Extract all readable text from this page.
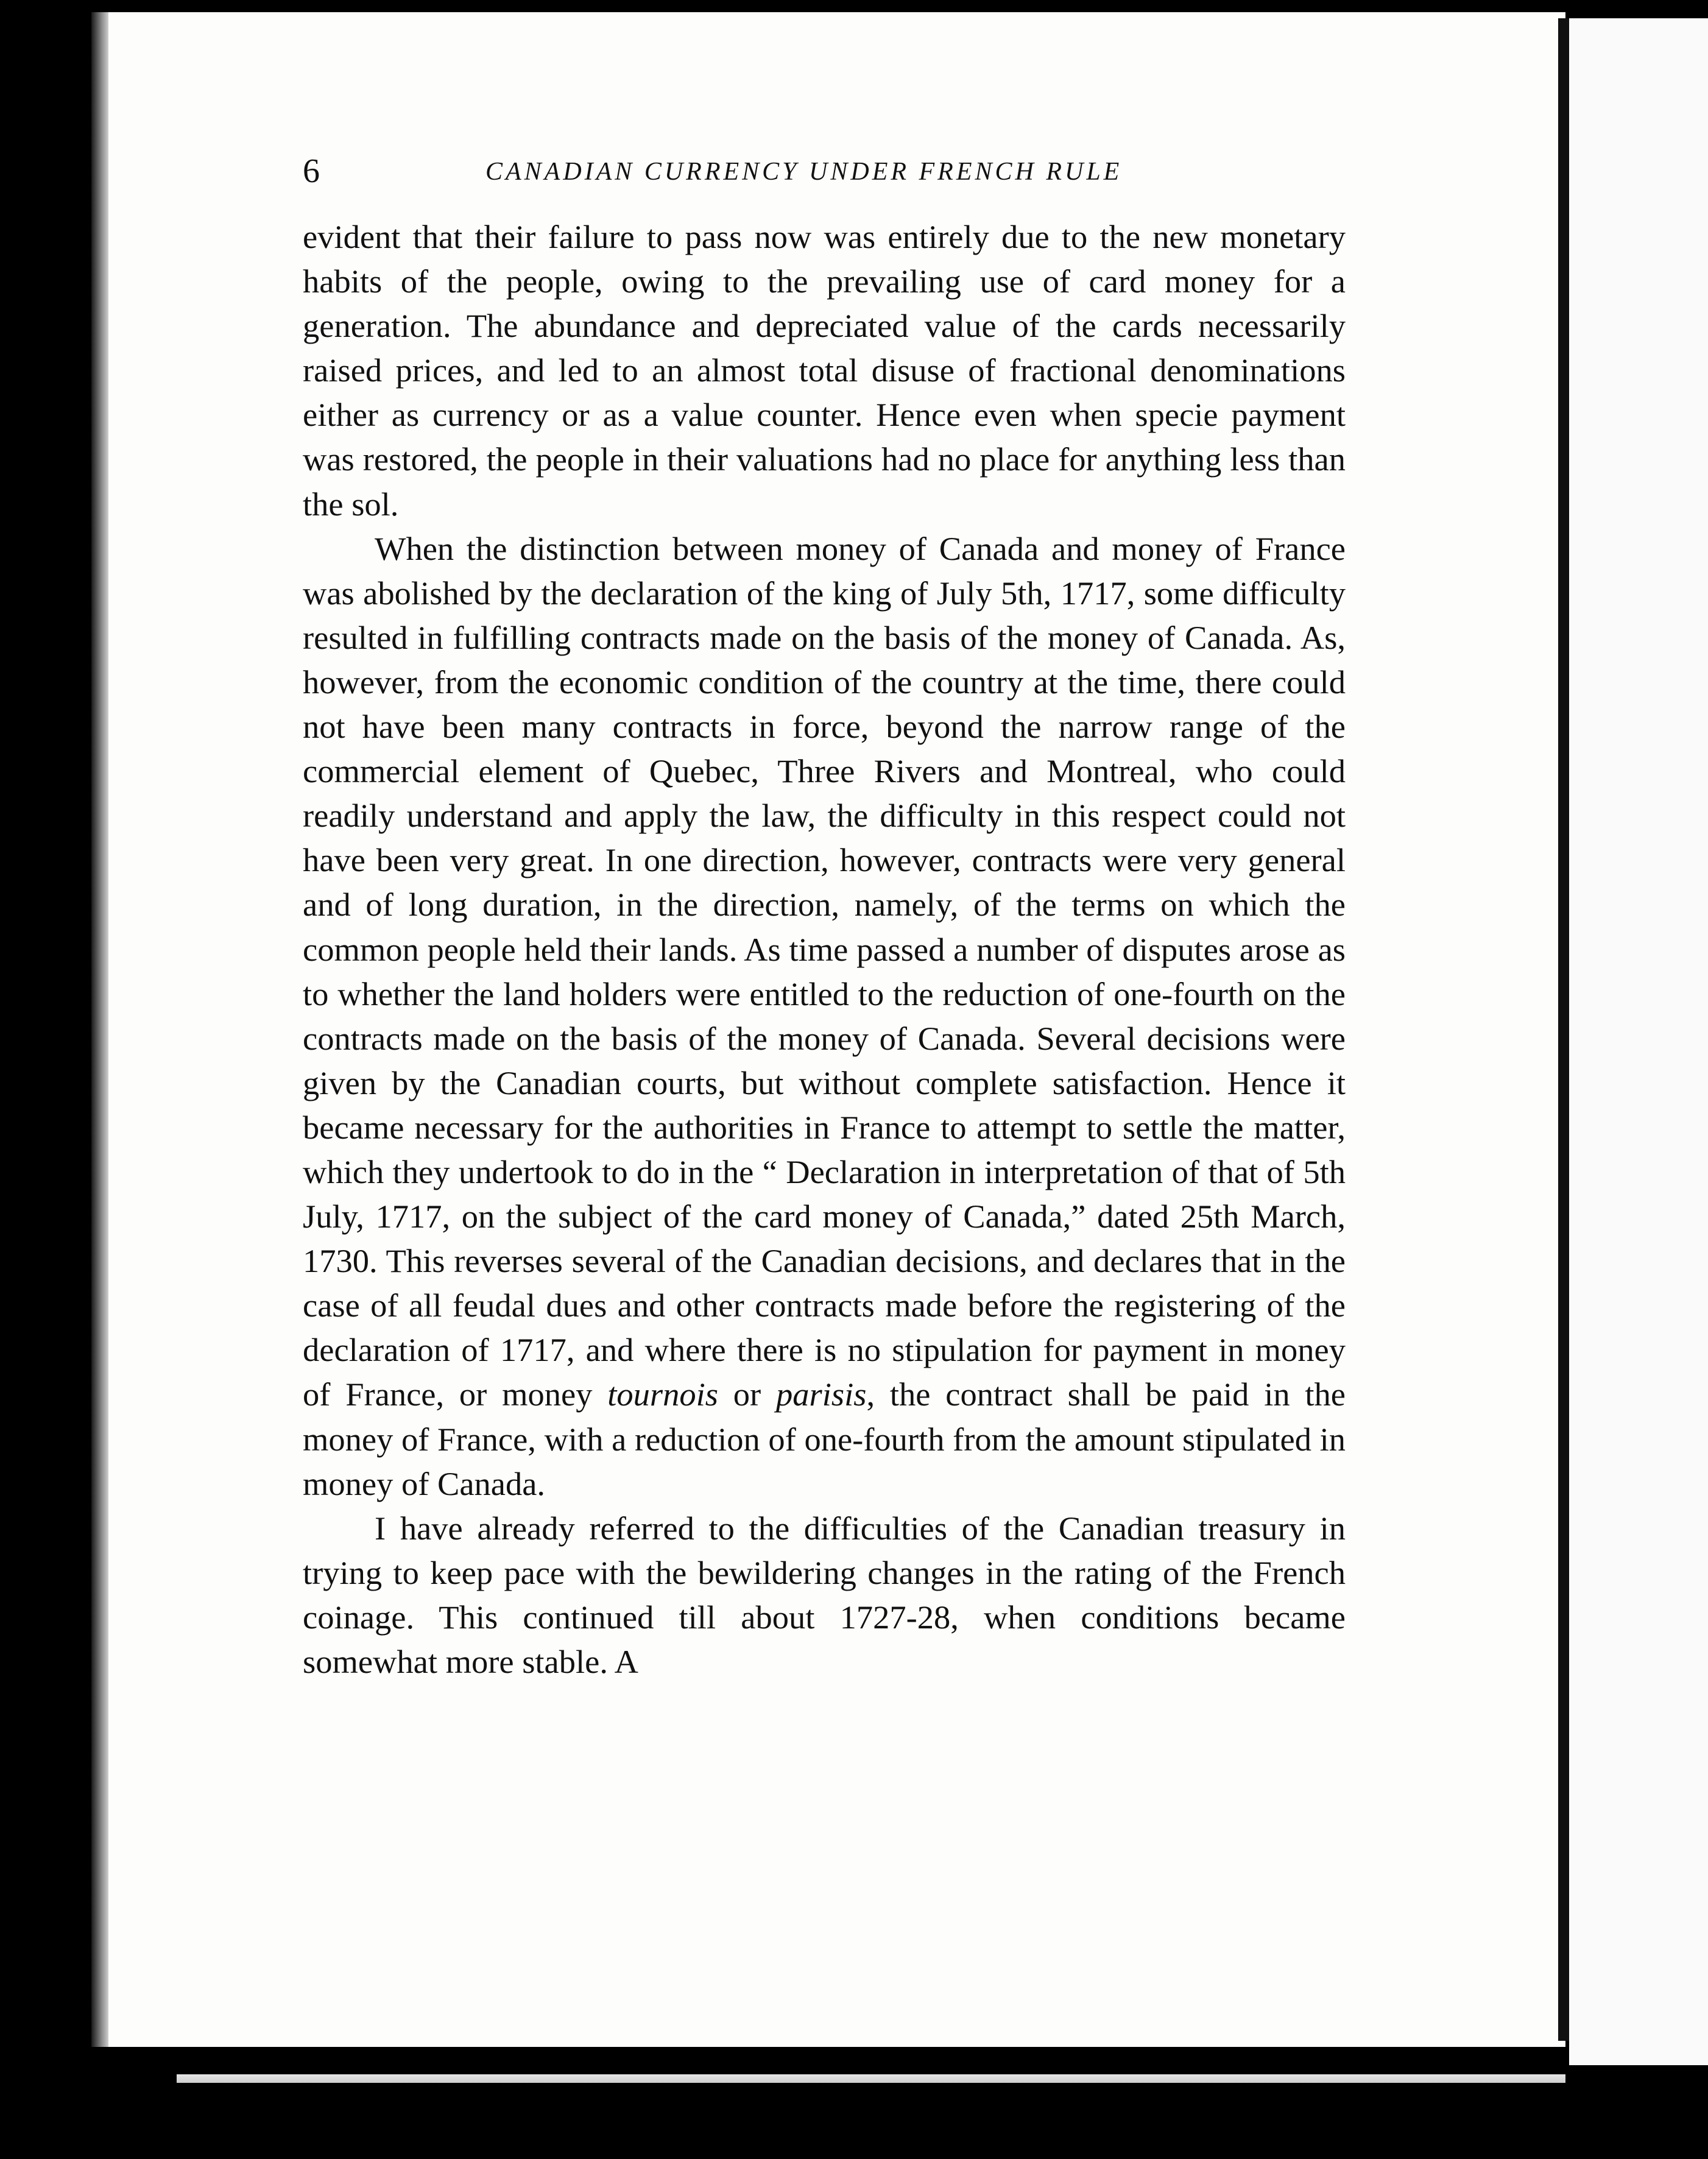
6	CANADIAN CURRENCY UNDER FRENCH RULE

evident that their failure to pass now was entirely due to the new monetary habits of the people, owing to the prevailing use of card money for a generation. The abundance and depreciated value of the cards necessarily raised prices, and led to an almost total disuse of fractional denominations either as currency or as a value counter. Hence even when specie payment was restored, the people in their valuations had no place for anything less than the sol.

When the distinction between money of Canada and money of France was abolished by the declaration of the king of July 5th, 1717, some difficulty resulted in fulfilling contracts made on the basis of the money of Canada. As, however, from the economic condition of the country at the time, there could not have been many contracts in force, beyond the narrow range of the commercial element of Quebec, Three Rivers and Montreal, who could readily understand and apply the law, the difficulty in this respect could not have been very great. In one direction, however, contracts were very general and of long duration, in the direction, namely, of the terms on which the common people held their lands. As time passed a number of disputes arose as to whether the land holders were entitled to the reduction of one-fourth on the contracts made on the basis of the money of Canada. Several decisions were given by the Canadian courts, but without complete satisfaction. Hence it became necessary for the authorities in France to attempt to settle the matter, which they undertook to do in the “ Declaration in interpretation of that of 5th July, 1717, on the subject of the card money of Canada,” dated 25th March, 1730. This reverses several of the Canadian decisions, and declares that in the case of all feudal dues and other contracts made before the registering of the declaration of 1717, and where there is no stipulation for payment in money of France, or money tournois or parisis, the contract shall be paid in the money of France, with a reduction of one-fourth from the amount stipulated in money of Canada.

I have already referred to the difficulties of the Canadian treasury in trying to keep pace with the bewildering changes in the rating of the French coinage. This continued till about 1727-28, when conditions became somewhat more stable. A
